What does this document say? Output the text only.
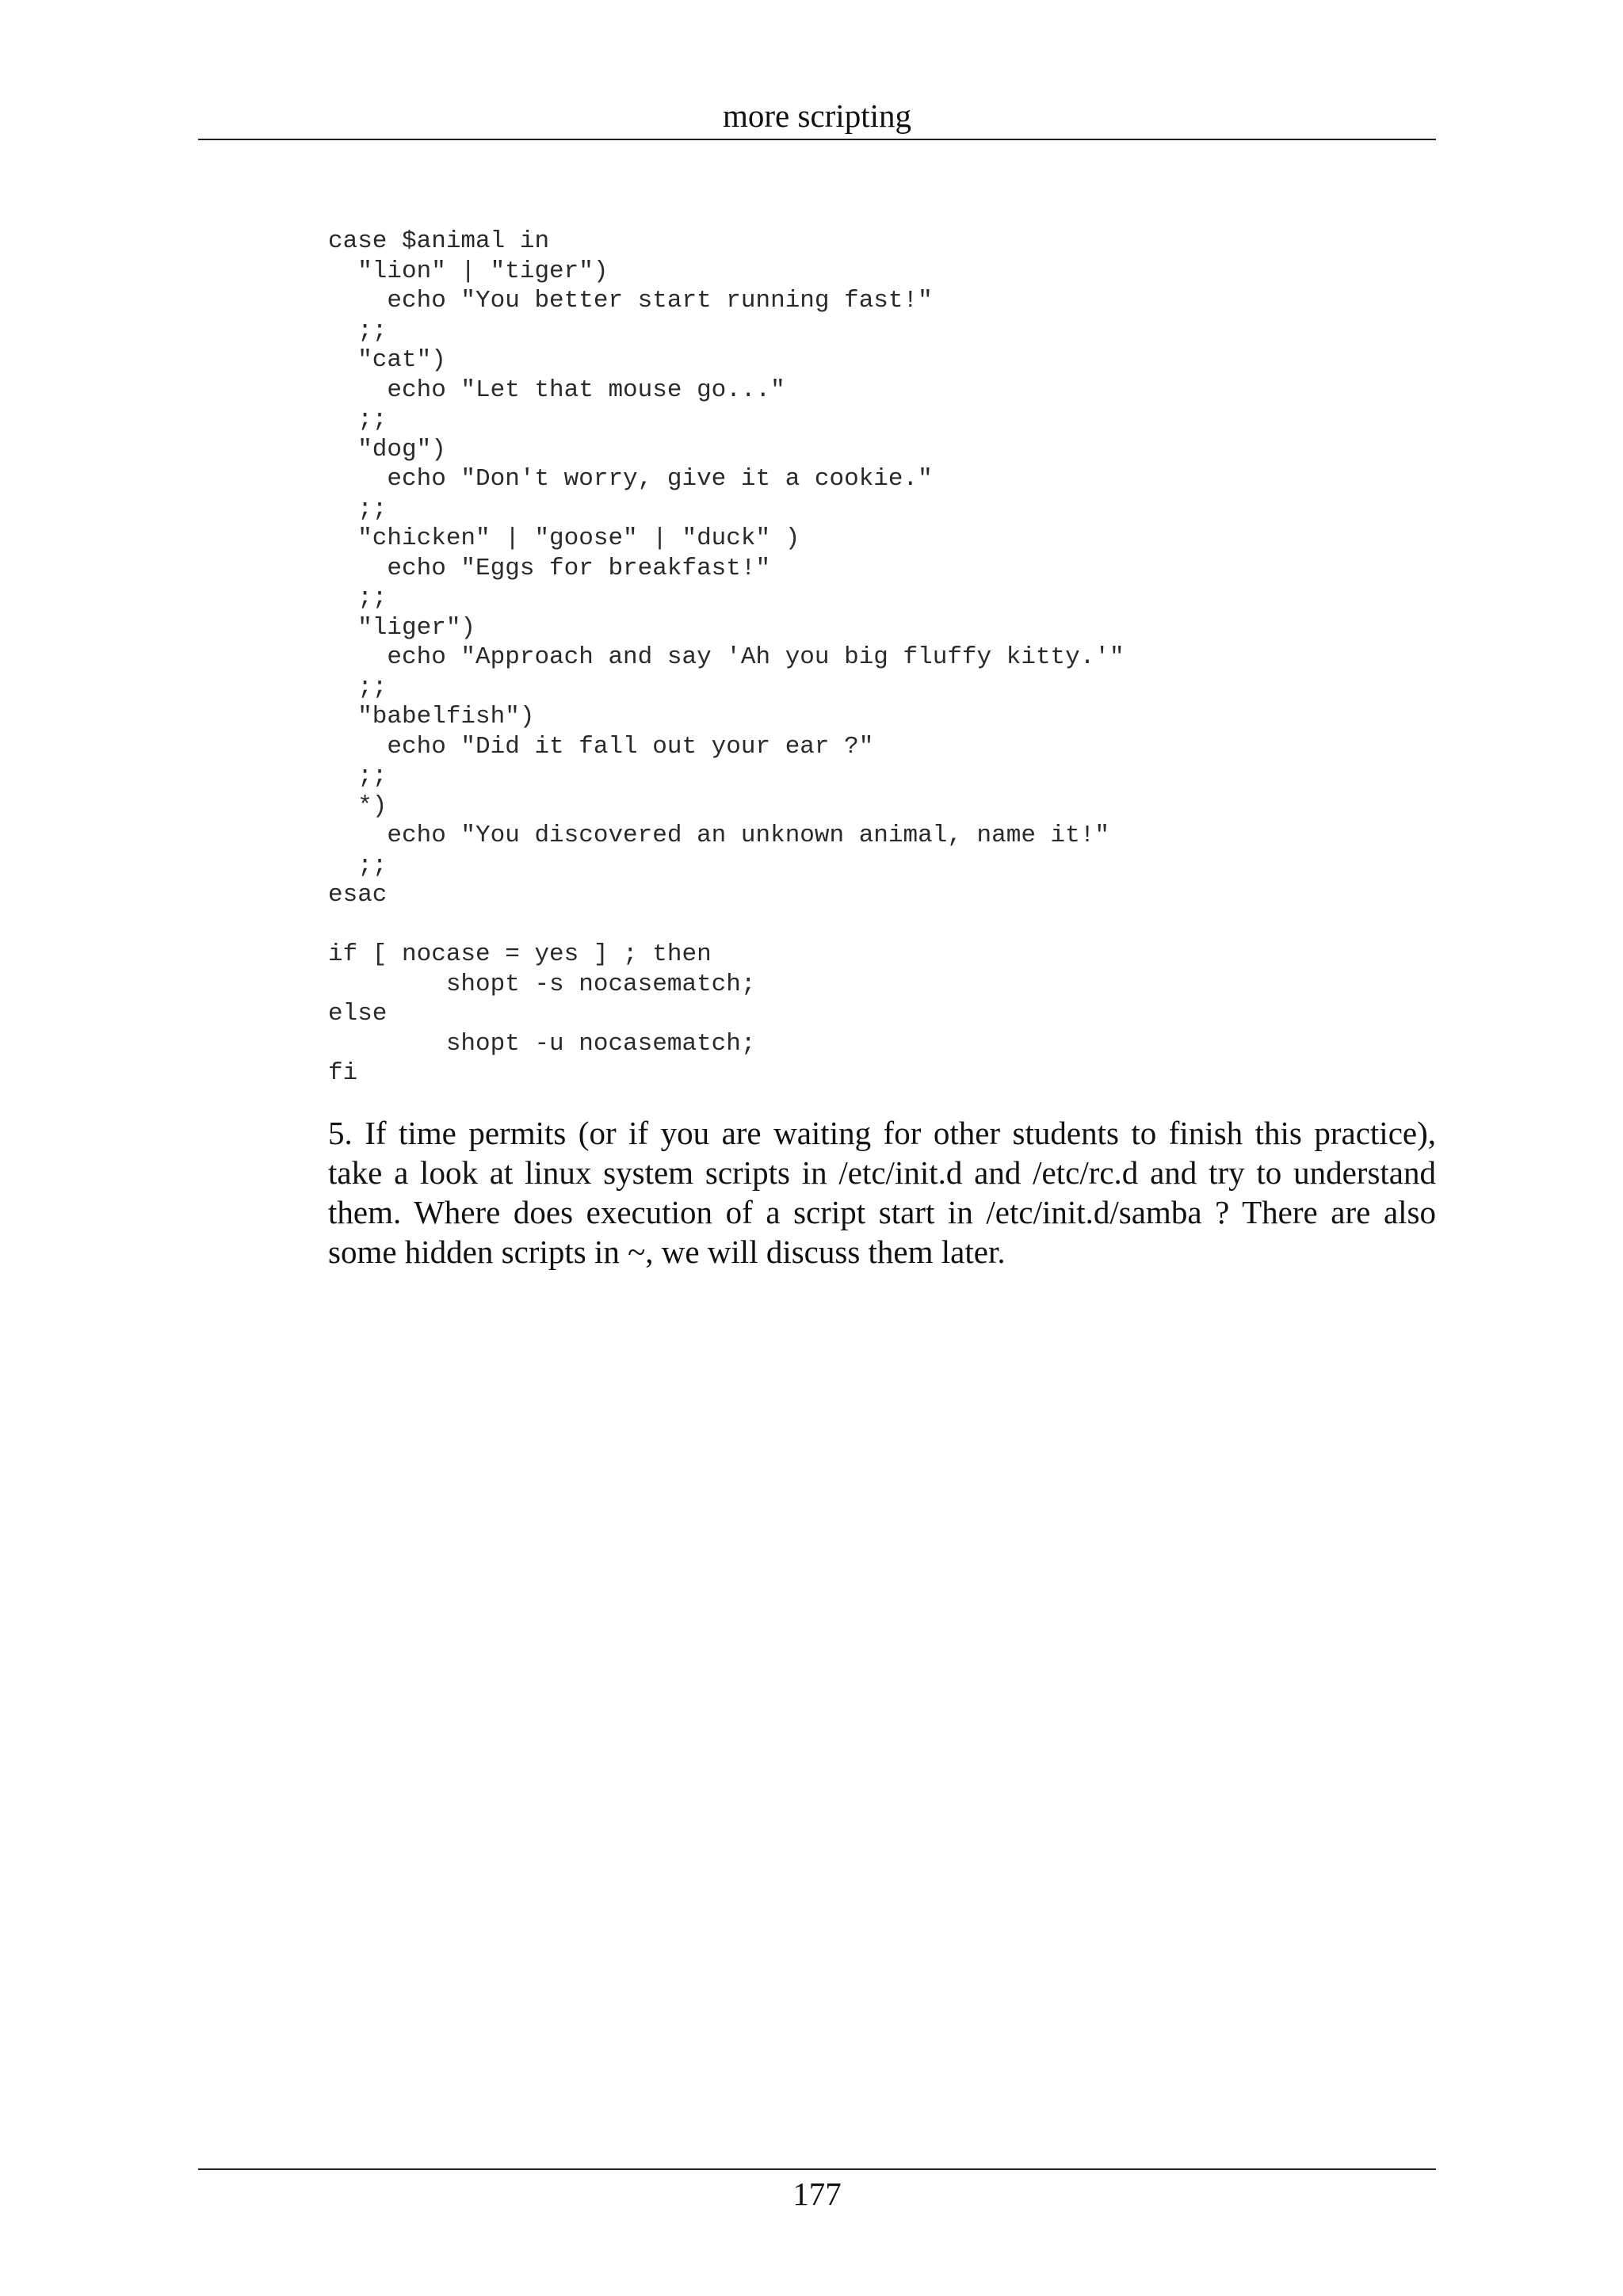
more scripting
case $animal in
"lion" | "tiger")
echo "You better start running fast!"
;;
"cat")
echo "Let that mouse go..."
;;
"dog")
echo "Don't worry, give it a cookie."
;;
"chicken" | "goose" | "duck" )
echo "Eggs for breakfast!"
;;
"liger")
echo "Approach and say 'Ah you big fluffy kitty.'"
;;
"babelfish")
echo "Did it fall out your ear ?"
;;
*)
echo "You discovered an unknown animal, name it!"
;;
esac
if [ nocase = yes ] ; then
shopt -s nocasematch;
else
shopt -u nocasematch;
fi

5. If time permits (or if you are waiting for other students to finish this practice), take a look at linux system scripts in /etc/init.d and /etc/rc.d and try to understand them. Where does execution of a script start in /etc/init.d/samba ? There are also some hidden scripts in ~, we will discuss them later.

177
